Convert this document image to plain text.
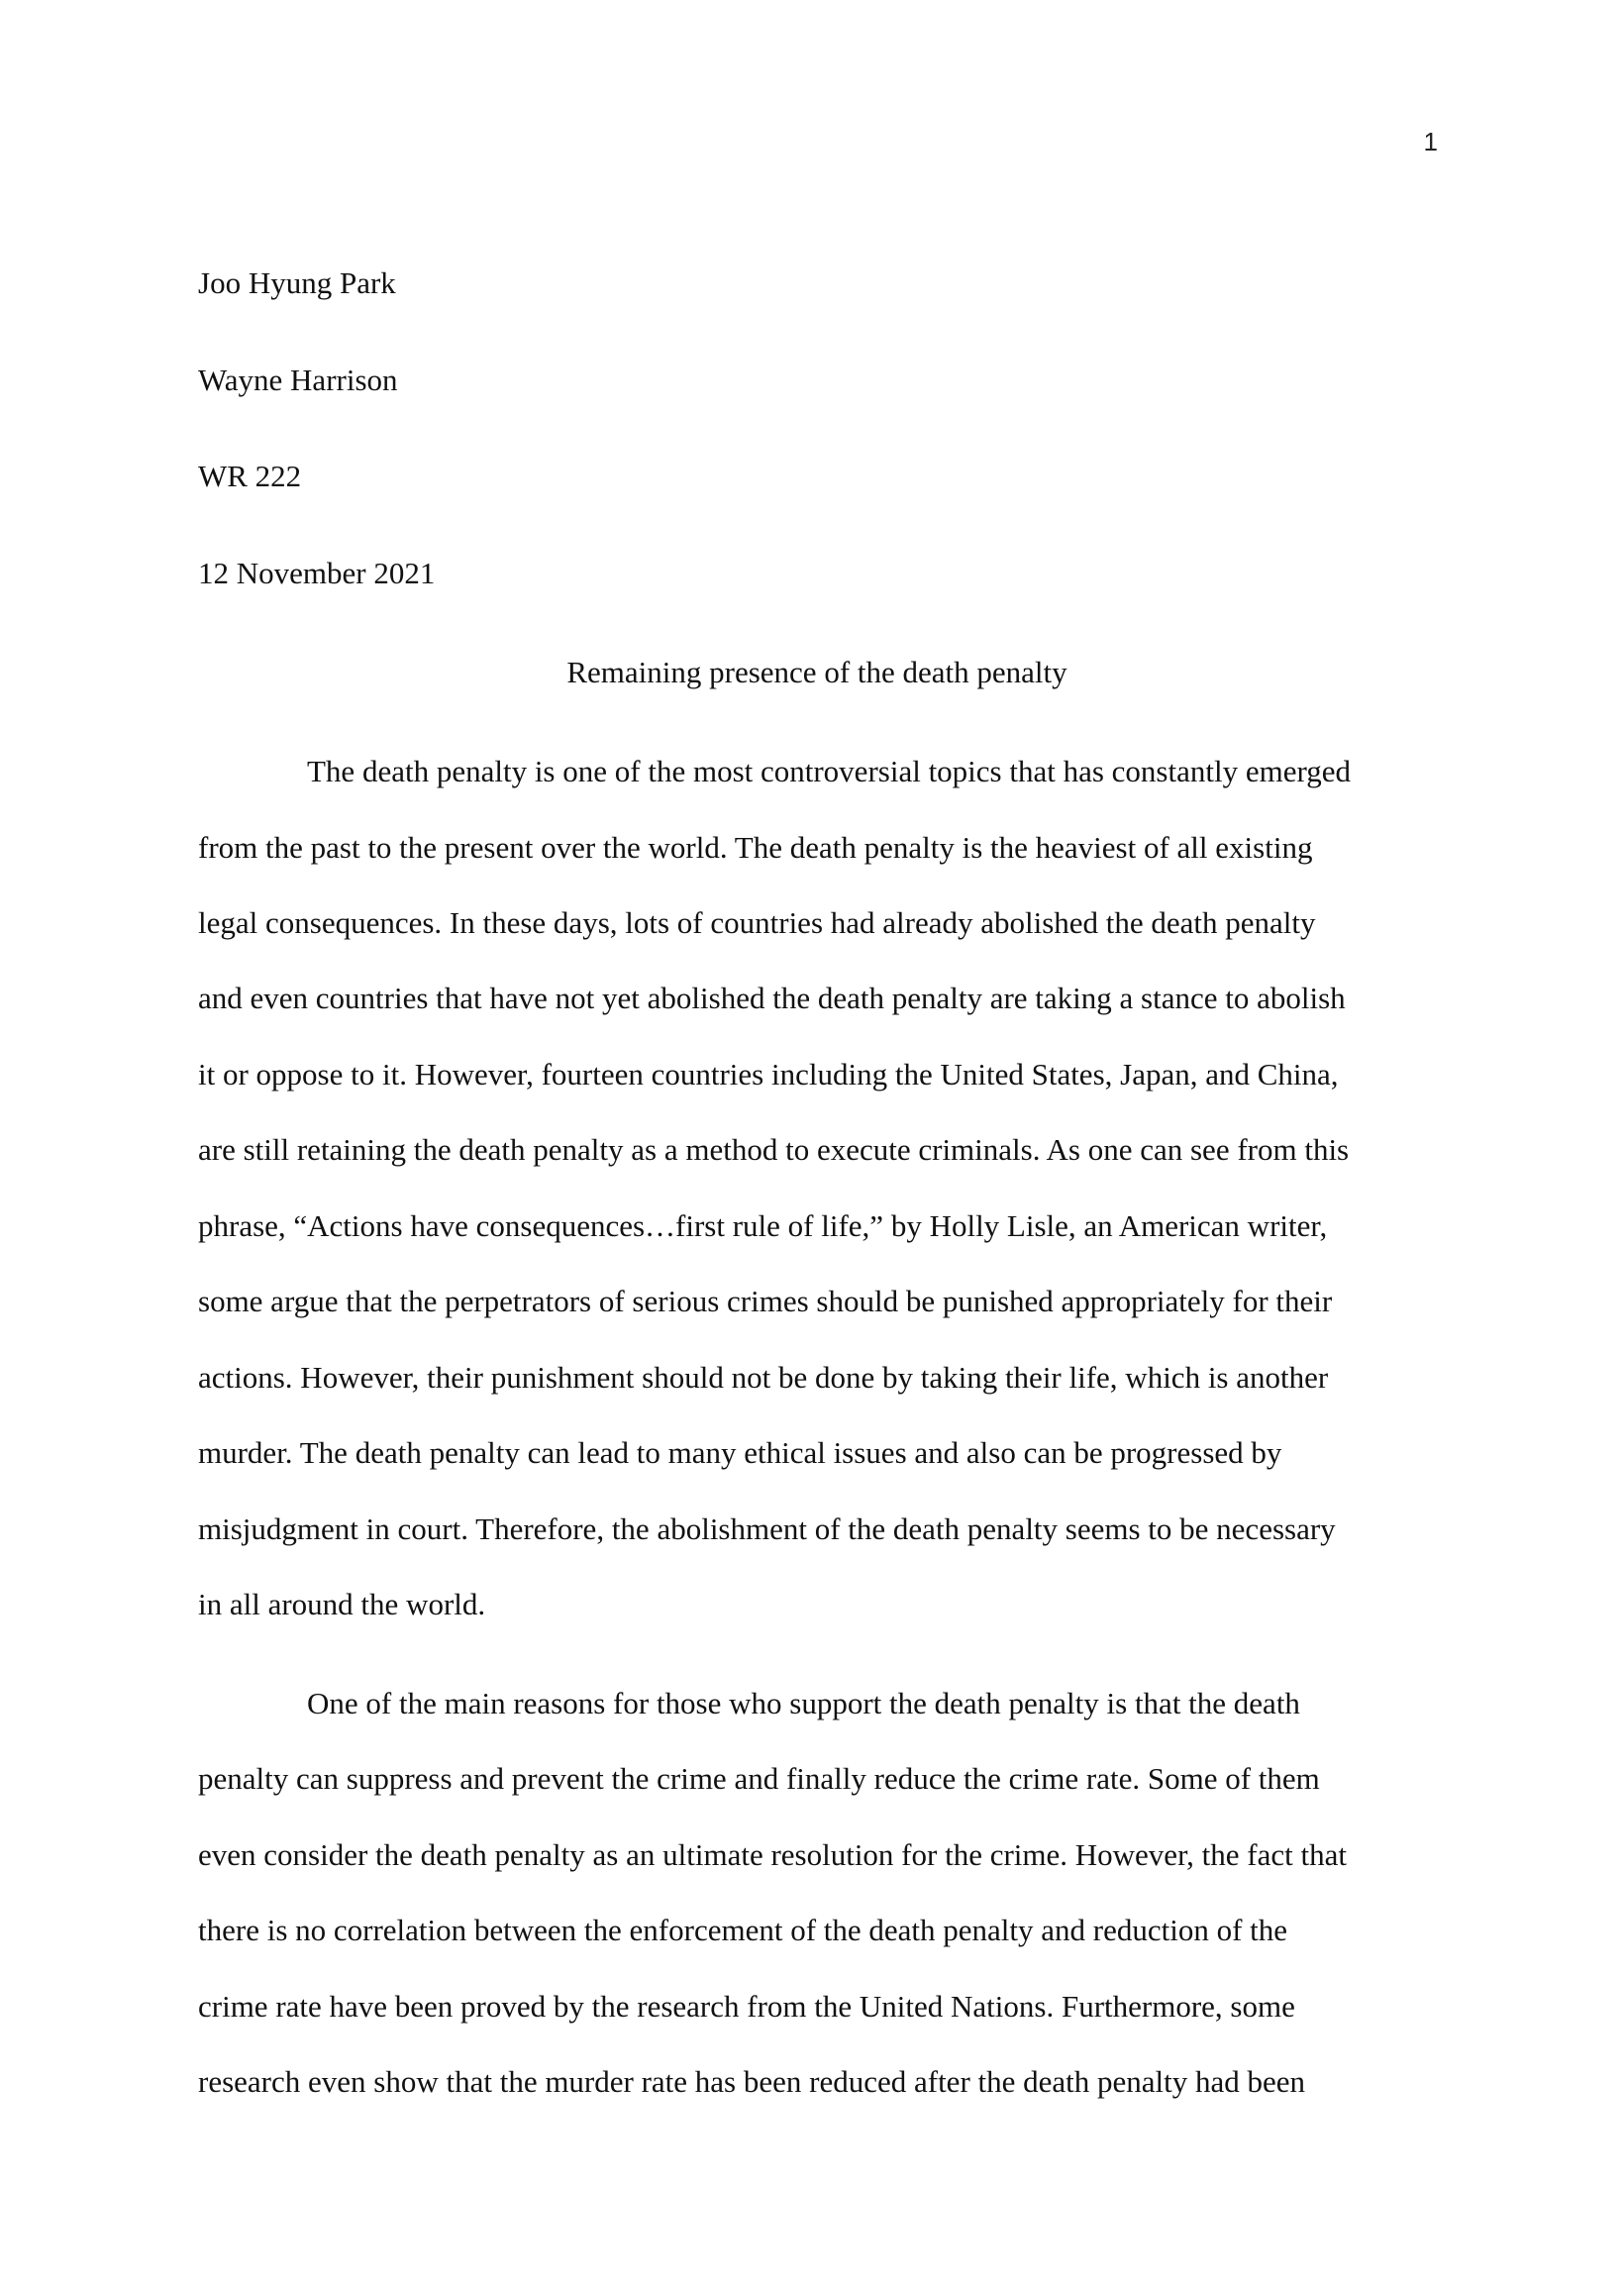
1
Joo Hyung Park
Wayne Harrison
WR 222
12 November 2021
Remaining presence of the death penalty
The death penalty is one of the most controversial topics that has constantly emerged
from the past to the present over the world. The death penalty is the heaviest of all existing
legal consequences. In these days, lots of countries had already abolished the death penalty
and even countries that have not yet abolished the death penalty are taking a stance to abolish
it or oppose to it. However, fourteen countries including the United States, Japan, and China,
are still retaining the death penalty as a method to execute criminals. As one can see from this
phrase, “Actions have consequences…first rule of life,” by Holly Lisle, an American writer,
some argue that the perpetrators of serious crimes should be punished appropriately for their
actions. However, their punishment should not be done by taking their life, which is another
murder. The death penalty can lead to many ethical issues and also can be progressed by
misjudgment in court. Therefore, the abolishment of the death penalty seems to be necessary
in all around the world.
One of the main reasons for those who support the death penalty is that the death
penalty can suppress and prevent the crime and finally reduce the crime rate. Some of them
even consider the death penalty as an ultimate resolution for the crime. However, the fact that
there is no correlation between the enforcement of the death penalty and reduction of the
crime rate have been proved by the research from the United Nations. Furthermore, some
research even show that the murder rate has been reduced after the death penalty had been
